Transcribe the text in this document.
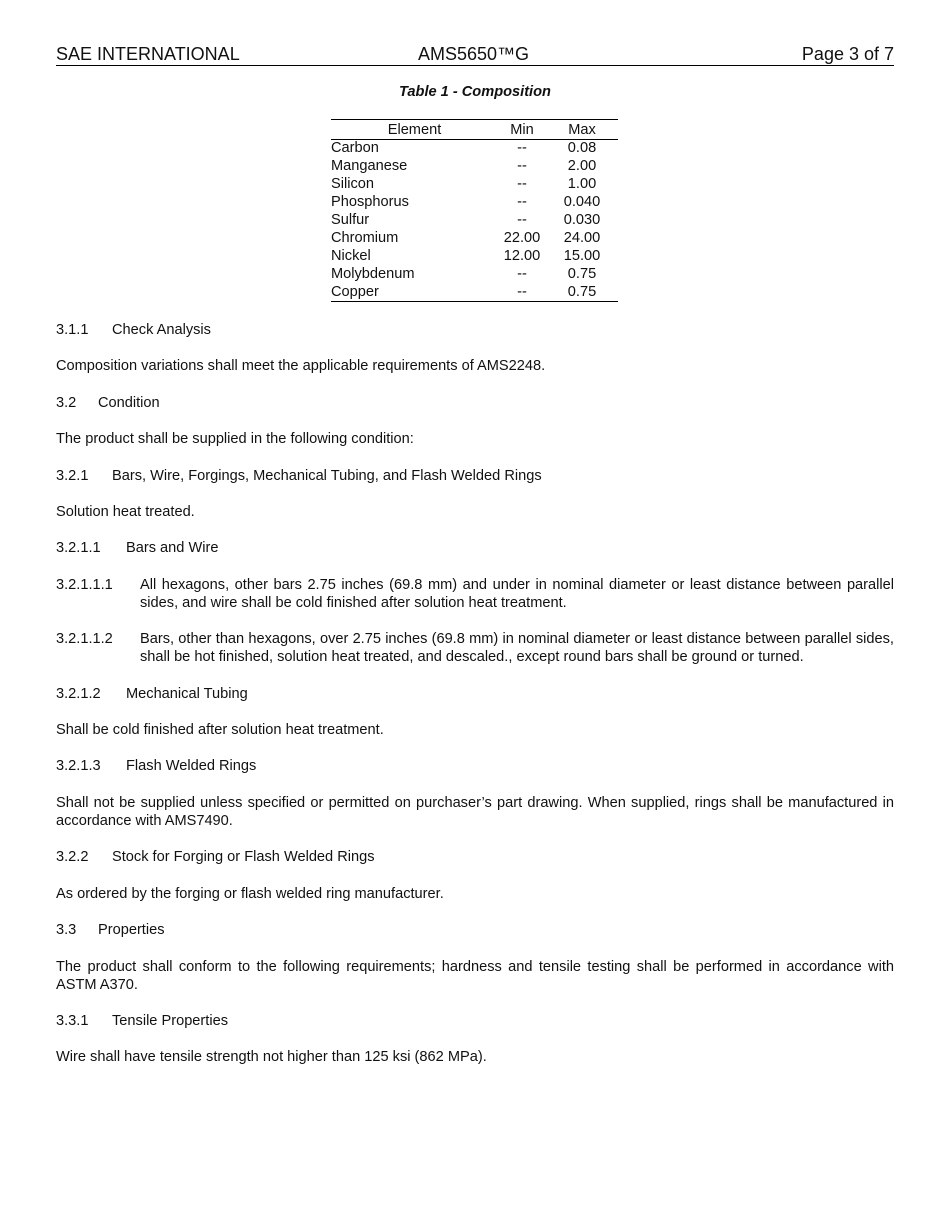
SAE INTERNATIONAL	AMS5650™G	Page 3 of 7
Table 1 - Composition
Element	Min	Max
Carbon	--	0.08
Manganese	--	2.00
Silicon	--	1.00
Phosphorus	--	0.040
Sulfur	--	0.030
Chromium	22.00	24.00
Nickel	12.00	15.00
Molybdenum	--	0.75
Copper	--	0.75
3.1.1 Check Analysis
Composition variations shall meet the applicable requirements of AMS2248.
3.2 Condition
The product shall be supplied in the following condition:
3.2.1 Bars, Wire, Forgings, Mechanical Tubing, and Flash Welded Rings
Solution heat treated.
3.2.1.1 Bars and Wire
3.2.1.1.1	All hexagons, other bars 2.75 inches (69.8 mm) and under in nominal diameter or least distance between parallel sides, and wire shall be cold finished after solution heat treatment.
3.2.1.1.2	Bars, other than hexagons, over 2.75 inches (69.8 mm) in nominal diameter or least distance between parallel sides, shall be hot finished, solution heat treated, and descaled., except round bars shall be ground or turned.
3.2.1.2 Mechanical Tubing
Shall be cold finished after solution heat treatment.
3.2.1.3 Flash Welded Rings
Shall not be supplied unless specified or permitted on purchaser’s part drawing. When supplied, rings shall be manufactured in accordance with AMS7490.
3.2.2 Stock for Forging or Flash Welded Rings
As ordered by the forging or flash welded ring manufacturer.
3.3 Properties
The product shall conform to the following requirements; hardness and tensile testing shall be performed in accordance with ASTM A370.
3.3.1 Tensile Properties
Wire shall have tensile strength not higher than 125 ksi (862 MPa).
